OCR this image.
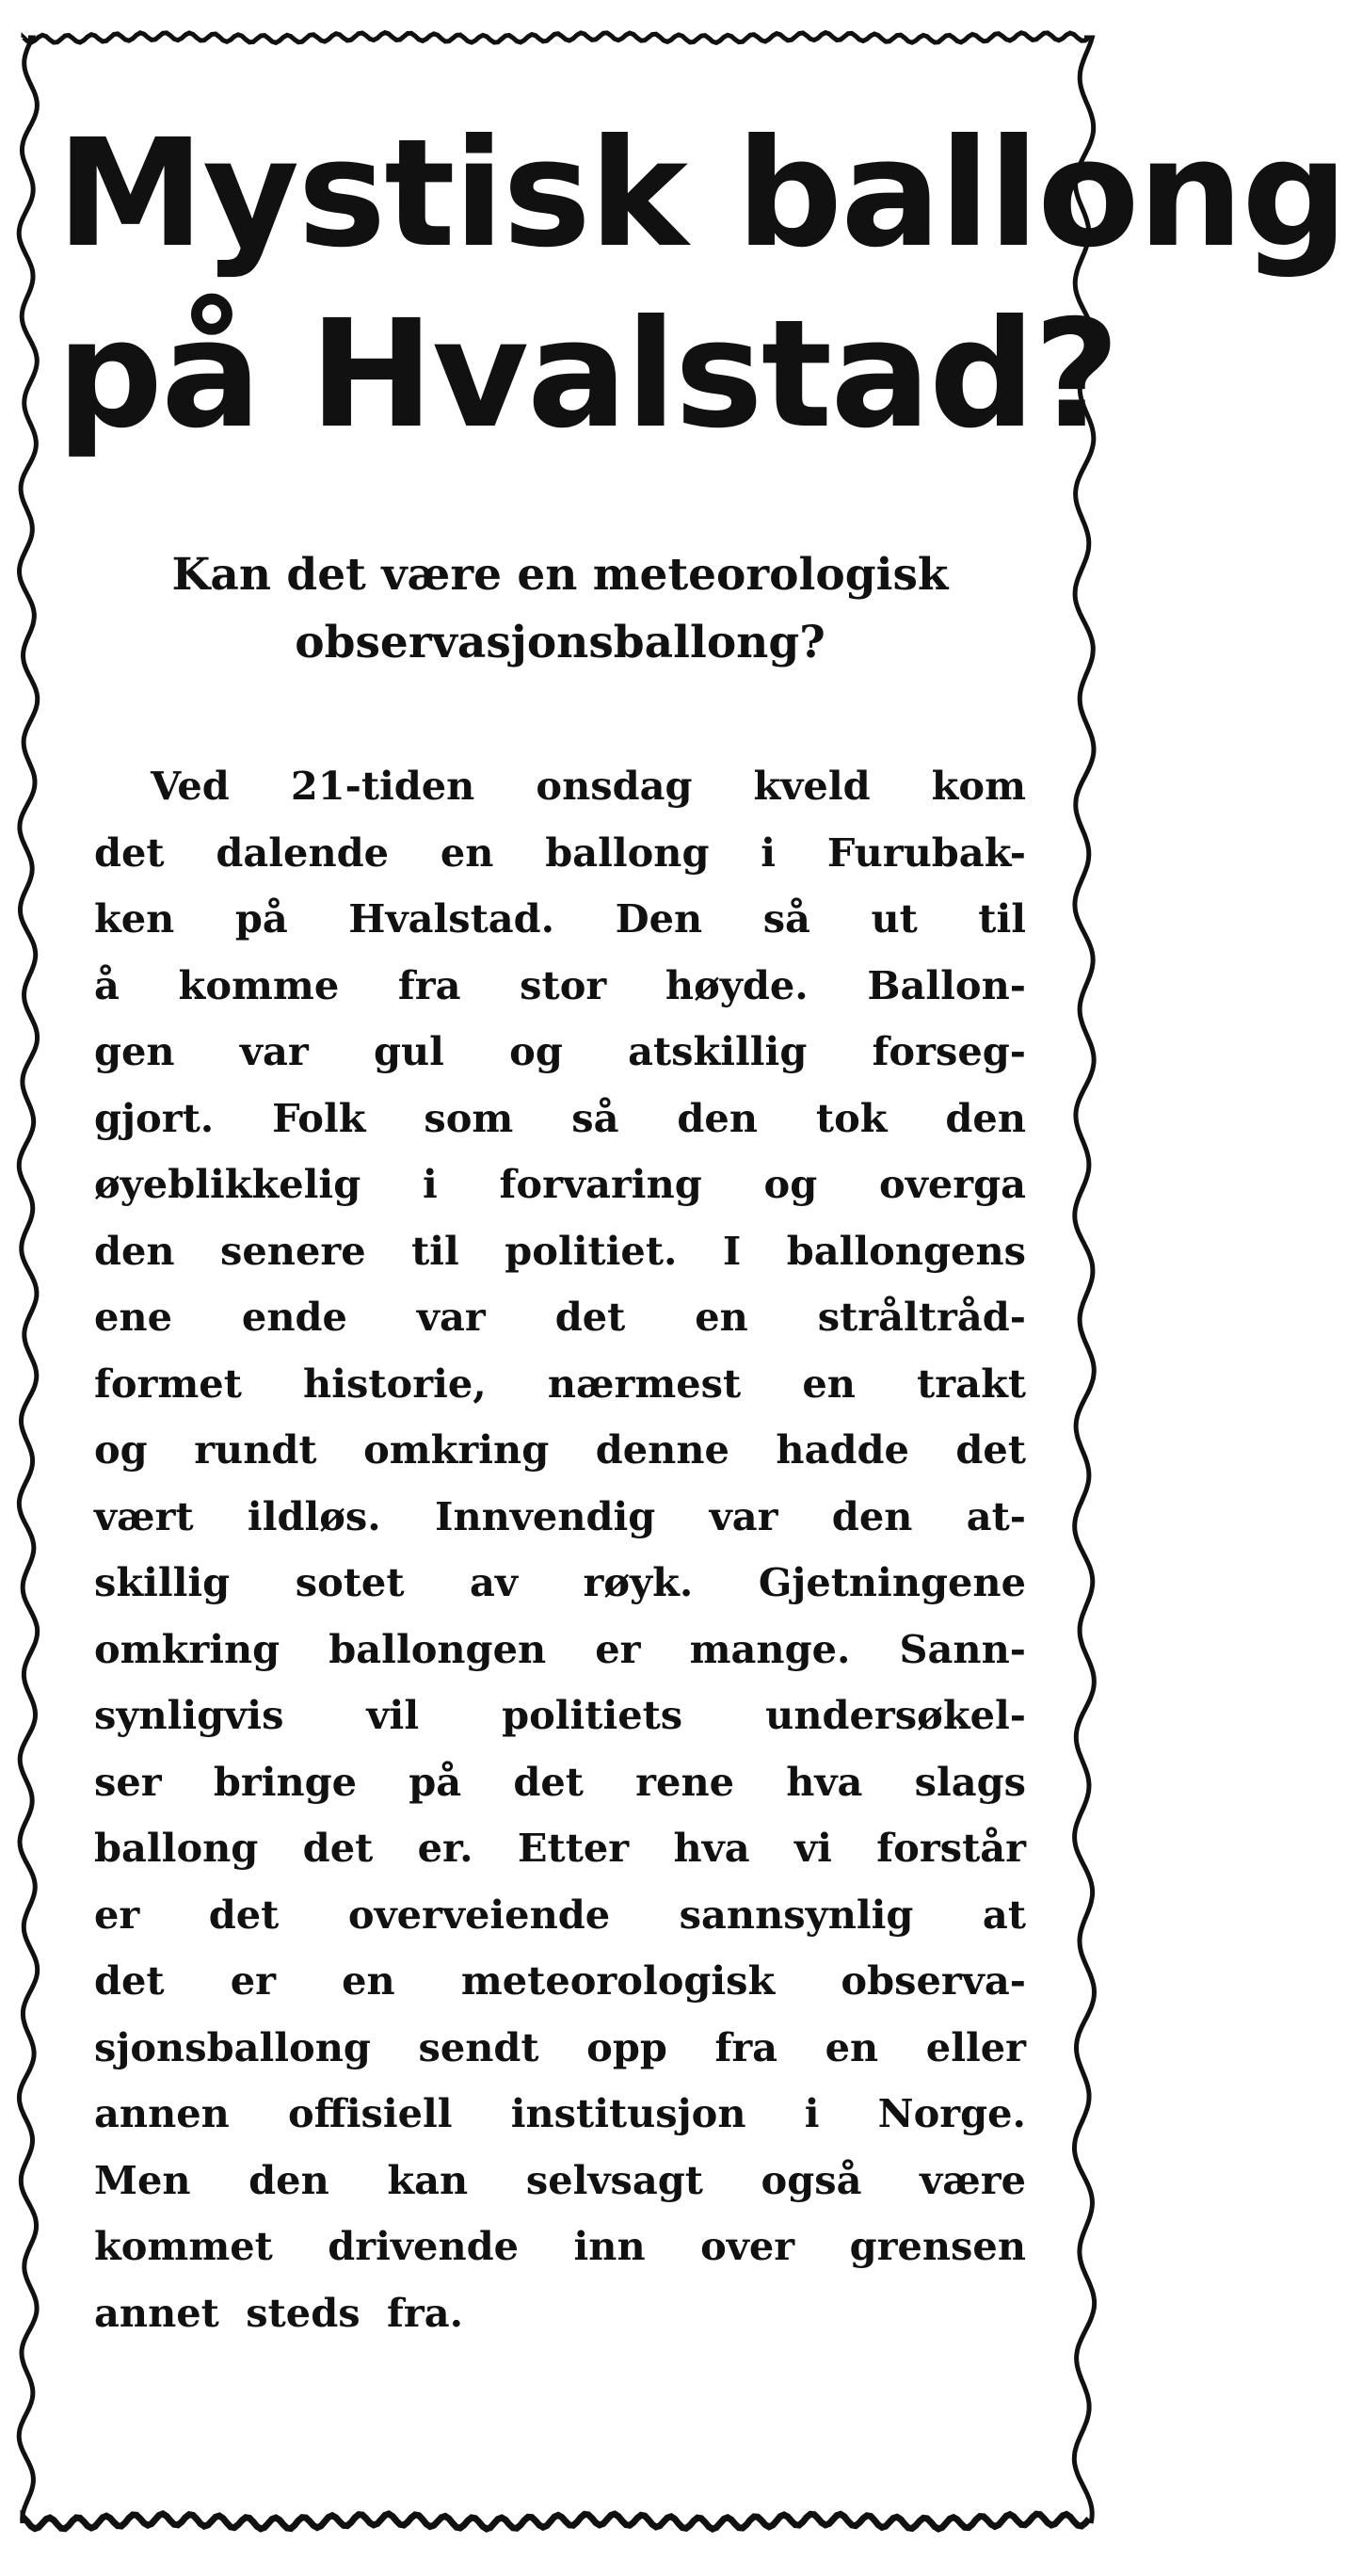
Mystisk ballong
på Hvalstad?
Kan det være en meteorologisk
observasjonsballong?
Ved 21-tiden onsdag kveld kom
det dalende en ballong i Furubak-
ken på Hvalstad. Den så ut til
å komme fra stor høyde. Ballon-
gen var gul og atskillig forseg-
gjort. Folk som så den tok den
øyeblikkelig i forvaring og overga
den senere til politiet. I ballongens
ene ende var det en stråltråd-
formet historie, nærmest en trakt
og rundt omkring denne hadde det
vært ildløs. Innvendig var den at-
skillig sotet av røyk. Gjetningene
omkring ballongen er mange. Sann-
synligvis vil politiets undersøkel-
ser bringe på det rene hva slags
ballong det er. Etter hva vi forstår
er det overveiende sannsynlig at
det er en meteorologisk observa-
sjonsballong sendt opp fra en eller
annen offisiell institusjon i Norge.
Men den kan selvsagt også være
kommet drivende inn over grensen
annet steds fra.
